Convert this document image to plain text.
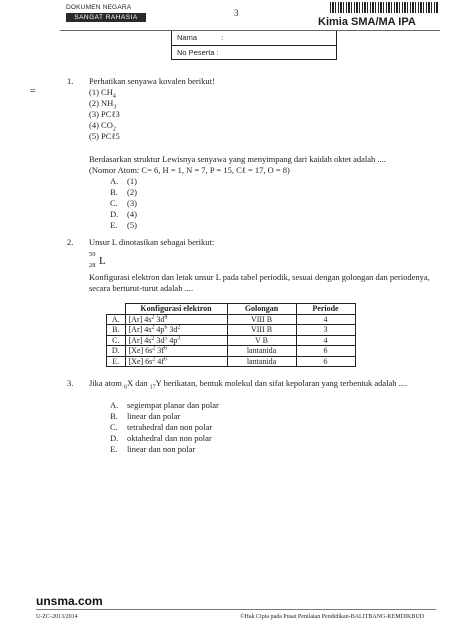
DOKUMEN NEGARA
SANGAT RAHASIA	3
Kimia SMA/MA IPA
Nama	:
No Peserta :
=
1. Perhatikan senyawa kovalen berikut!
(1) $CH_4$
(2) $NH_3$
(3) PCℓ3
(4) $CO_2$
(5) PCℓ5
Berdasarkan struktur Lewisnya senyawa yang menyimpang dari kaidah oktet adalah ....
(Nomor Atom: C= 6, H = 1, N = 7, P = 15, Cℓ = 17, O = 8)
A. (1)
B. (2)
C. (3)
D. (4)
E. (5)
2. Unsur L dinotasikan sebagai berikut:
59
28 L
Konfigurasi elektron dan letak unsur L pada tabel periodik, sesuai dengan golongan dan periodenya, secara berturut-turut adalah ....
	Konfigurasi elektron	Golongan	Periode
A.	[Ar] $4s^2$ $3d^8$	VIII B	4
B.	[Ar] $4s^2$ $4p^6$ $3d^2$	VIII B	3
C.	[Ar] $4s^2$ $3d^5$ $4p^3$	V B	4
D.	[Xe] $6s^2$ $3f^6$	lantanida	6
E.	[Xe] $6s^2$ $4f^6$	lantanida	6
3. Jika atom $_6$X dan $_{17}$Y berikatan, bentuk molekul dan sifat kepolaran yang terbentuk adalah ....
A. segiempat planar dan polar
B. linear dan polar
C. tetrahedral dan non polar
D. oktahedral dan non polar
E. linear dan non polar
unsma.com
U-ZC-2013/2014	©Hak Cipta pada Pusat Penilaian Pendidikan-BALITBANG-KEMDIKBUD
